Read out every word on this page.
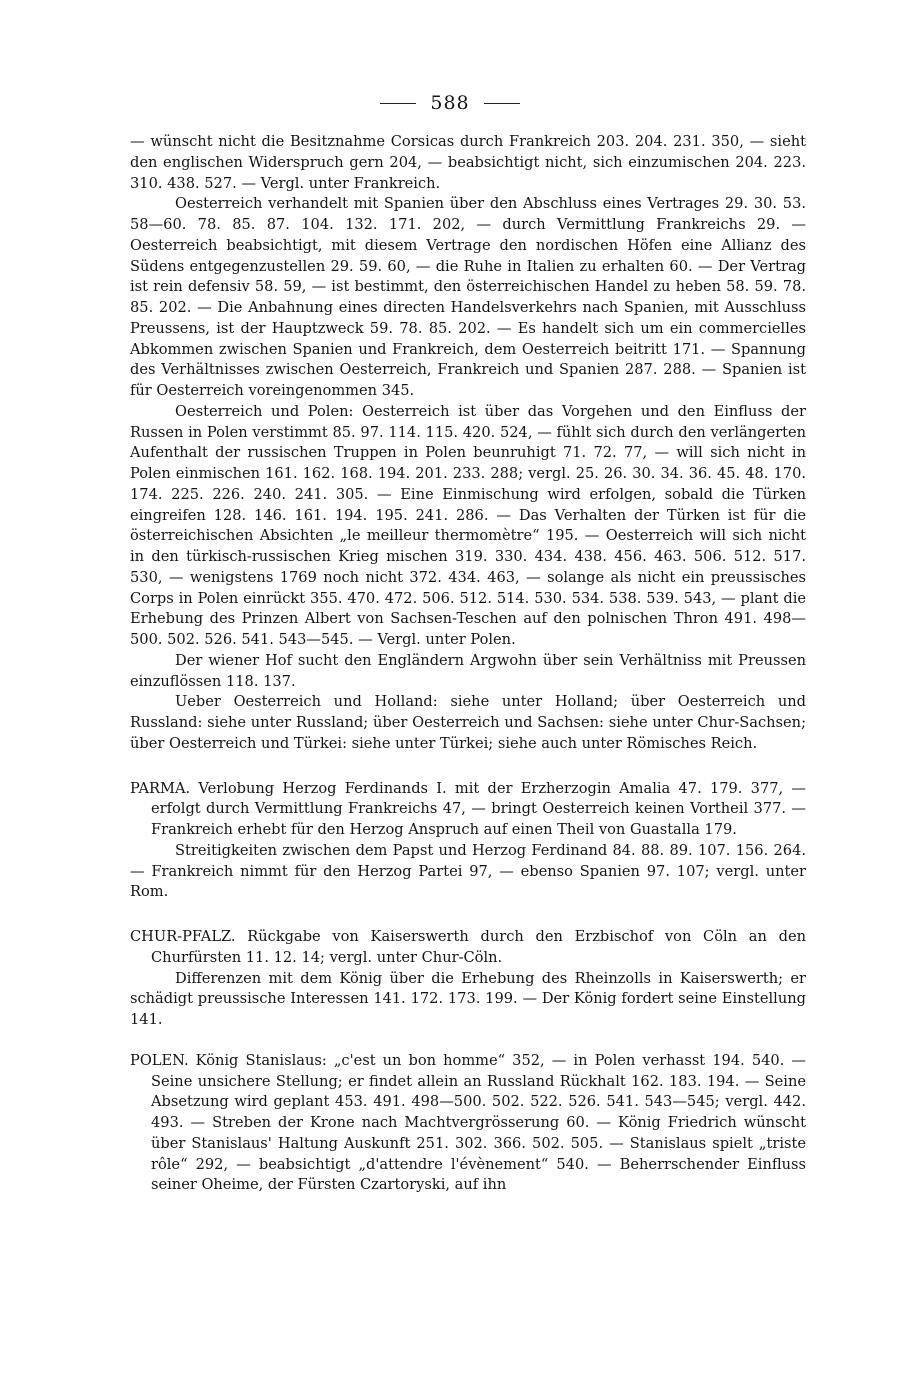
588

— wünscht nicht die Besitznahme Corsicas durch Frankreich 203. 204. 231. 350, — sieht den englischen Widerspruch gern 204, — beabsichtigt nicht, sich einzumischen 204. 223. 310. 438. 527. — Vergl. unter Frankreich.

Oesterreich verhandelt mit Spanien über den Abschluss eines Vertrages 29. 30. 53. 58—60. 78. 85. 87. 104. 132. 171. 202, — durch Vermittlung Frankreichs 29. — Oesterreich beabsichtigt, mit diesem Vertrage den nordischen Höfen eine Allianz des Südens entgegenzustellen 29. 59. 60, — die Ruhe in Italien zu erhalten 60. — Der Vertrag ist rein defensiv 58. 59, — ist bestimmt, den österreichischen Handel zu heben 58. 59. 78. 85. 202. — Die Anbahnung eines directen Handelsverkehrs nach Spanien, mit Ausschluss Preussens, ist der Hauptzweck 59. 78. 85. 202. — Es handelt sich um ein commercielles Abkommen zwischen Spanien und Frankreich, dem Oesterreich beitritt 171. — Spannung des Verhältnisses zwischen Oesterreich, Frankreich und Spanien 287. 288. — Spanien ist für Oesterreich voreingenommen 345.

Oesterreich und Polen: Oesterreich ist über das Vorgehen und den Einfluss der Russen in Polen verstimmt 85. 97. 114. 115. 420. 524, — fühlt sich durch den verlängerten Aufenthalt der russischen Truppen in Polen beunruhigt 71. 72. 77, — will sich nicht in Polen einmischen 161. 162. 168. 194. 201. 233. 288; vergl. 25. 26. 30. 34. 36. 45. 48. 170. 174. 225. 226. 240. 241. 305. — Eine Einmischung wird erfolgen, sobald die Türken eingreifen 128. 146. 161. 194. 195. 241. 286. — Das Verhalten der Türken ist für die österreichischen Absichten „le meilleur thermomètre“ 195. — Oesterreich will sich nicht in den türkisch-russischen Krieg mischen 319. 330. 434. 438. 456. 463. 506. 512. 517. 530, — wenigstens 1769 noch nicht 372. 434. 463, — solange als nicht ein preussisches Corps in Polen einrückt 355. 470. 472. 506. 512. 514. 530. 534. 538. 539. 543, — plant die Erhebung des Prinzen Albert von Sachsen-Teschen auf den polnischen Thron 491. 498—500. 502. 526. 541. 543—545. — Vergl. unter Polen.

Der wiener Hof sucht den Engländern Argwohn über sein Verhältniss mit Preussen einzuflössen 118. 137.

Ueber Oesterreich und Holland: siehe unter Holland; über Oesterreich und Russland: siehe unter Russland; über Oesterreich und Sachsen: siehe unter Chur-Sachsen; über Oesterreich und Türkei: siehe unter Türkei; siehe auch unter Römisches Reich.

PARMA. Verlobung Herzog Ferdinands I. mit der Erzherzogin Amalia 47. 179. 377, — erfolgt durch Vermittlung Frankreichs 47, — bringt Oesterreich keinen Vortheil 377. — Frankreich erhebt für den Herzog Anspruch auf einen Theil von Guastalla 179.

Streitigkeiten zwischen dem Papst und Herzog Ferdinand 84. 88. 89. 107. 156. 264. — Frankreich nimmt für den Herzog Partei 97, — ebenso Spanien 97. 107; vergl. unter Rom.

CHUR-PFALZ. Rückgabe von Kaiserswerth durch den Erzbischof von Cöln an den Churfürsten 11. 12. 14; vergl. unter Chur-Cöln.

Differenzen mit dem König über die Erhebung des Rheinzolls in Kaiserswerth; er schädigt preussische Interessen 141. 172. 173. 199. — Der König fordert seine Einstellung 141.

POLEN. König Stanislaus: „c'est un bon homme“ 352, — in Polen verhasst 194. 540. — Seine unsichere Stellung; er findet allein an Russland Rückhalt 162. 183. 194. — Seine Absetzung wird geplant 453. 491. 498—500. 502. 522. 526. 541. 543—545; vergl. 442. 493. — Streben der Krone nach Machtvergrösserung 60. — König Friedrich wünscht über Stanislaus' Haltung Auskunft 251. 302. 366. 502. 505. — Stanislaus spielt „triste rôle“ 292, — beabsichtigt „d'attendre l'évènement“ 540. — Beherrschender Einfluss seiner Oheime, der Fürsten Czartoryski, auf ihn
